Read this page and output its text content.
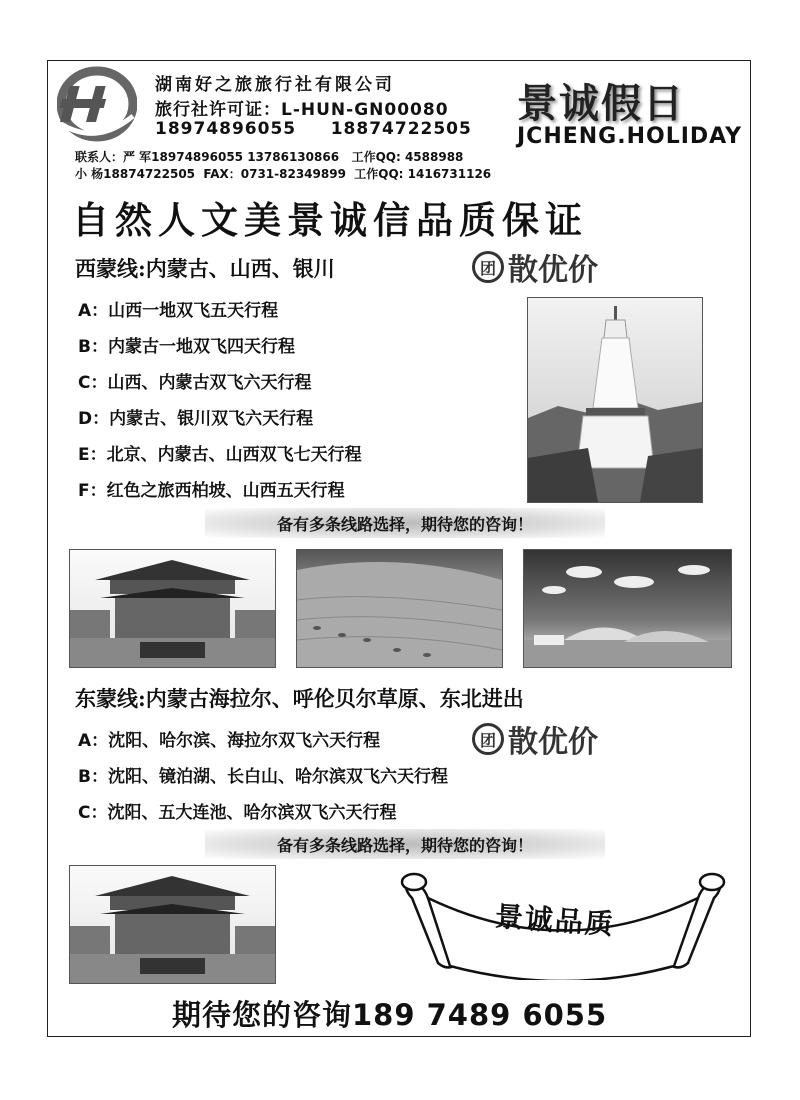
湖南好之旅旅行社有限公司
旅行社许可证：L-HUN-GN00080
18974896055 18874722505
联系人：严 军18974896055 13786130866   工作QQ: 4588988
小 杨18874722505  FAX：0731-82349899  工作QQ: 1416731126
景诚假日
JCHENG.HOLIDAY
自然人文美景诚信品质保证
西蒙线:内蒙古、山西、银川	团 散优价
A：山西一地双飞五天行程
B：内蒙古一地双飞四天行程
C：山西、内蒙古双飞六天行程
D：内蒙古、银川双飞六天行程
E：北京、内蒙古、山西双飞七天行程
F：红色之旅西柏坡、山西五天行程
备有多条线路选择，期待您的咨询！
东蒙线:内蒙古海拉尔、呼伦贝尔草原、东北进出
团 散优价
A：沈阳、哈尔滨、海拉尔双飞六天行程
B：沈阳、镜泊湖、长白山、哈尔滨双飞六天行程
C：沈阳、五大连池、哈尔滨双飞六天行程
备有多条线路选择，期待您的咨询！
景诚品质
期待您的咨询189 7489 6055
